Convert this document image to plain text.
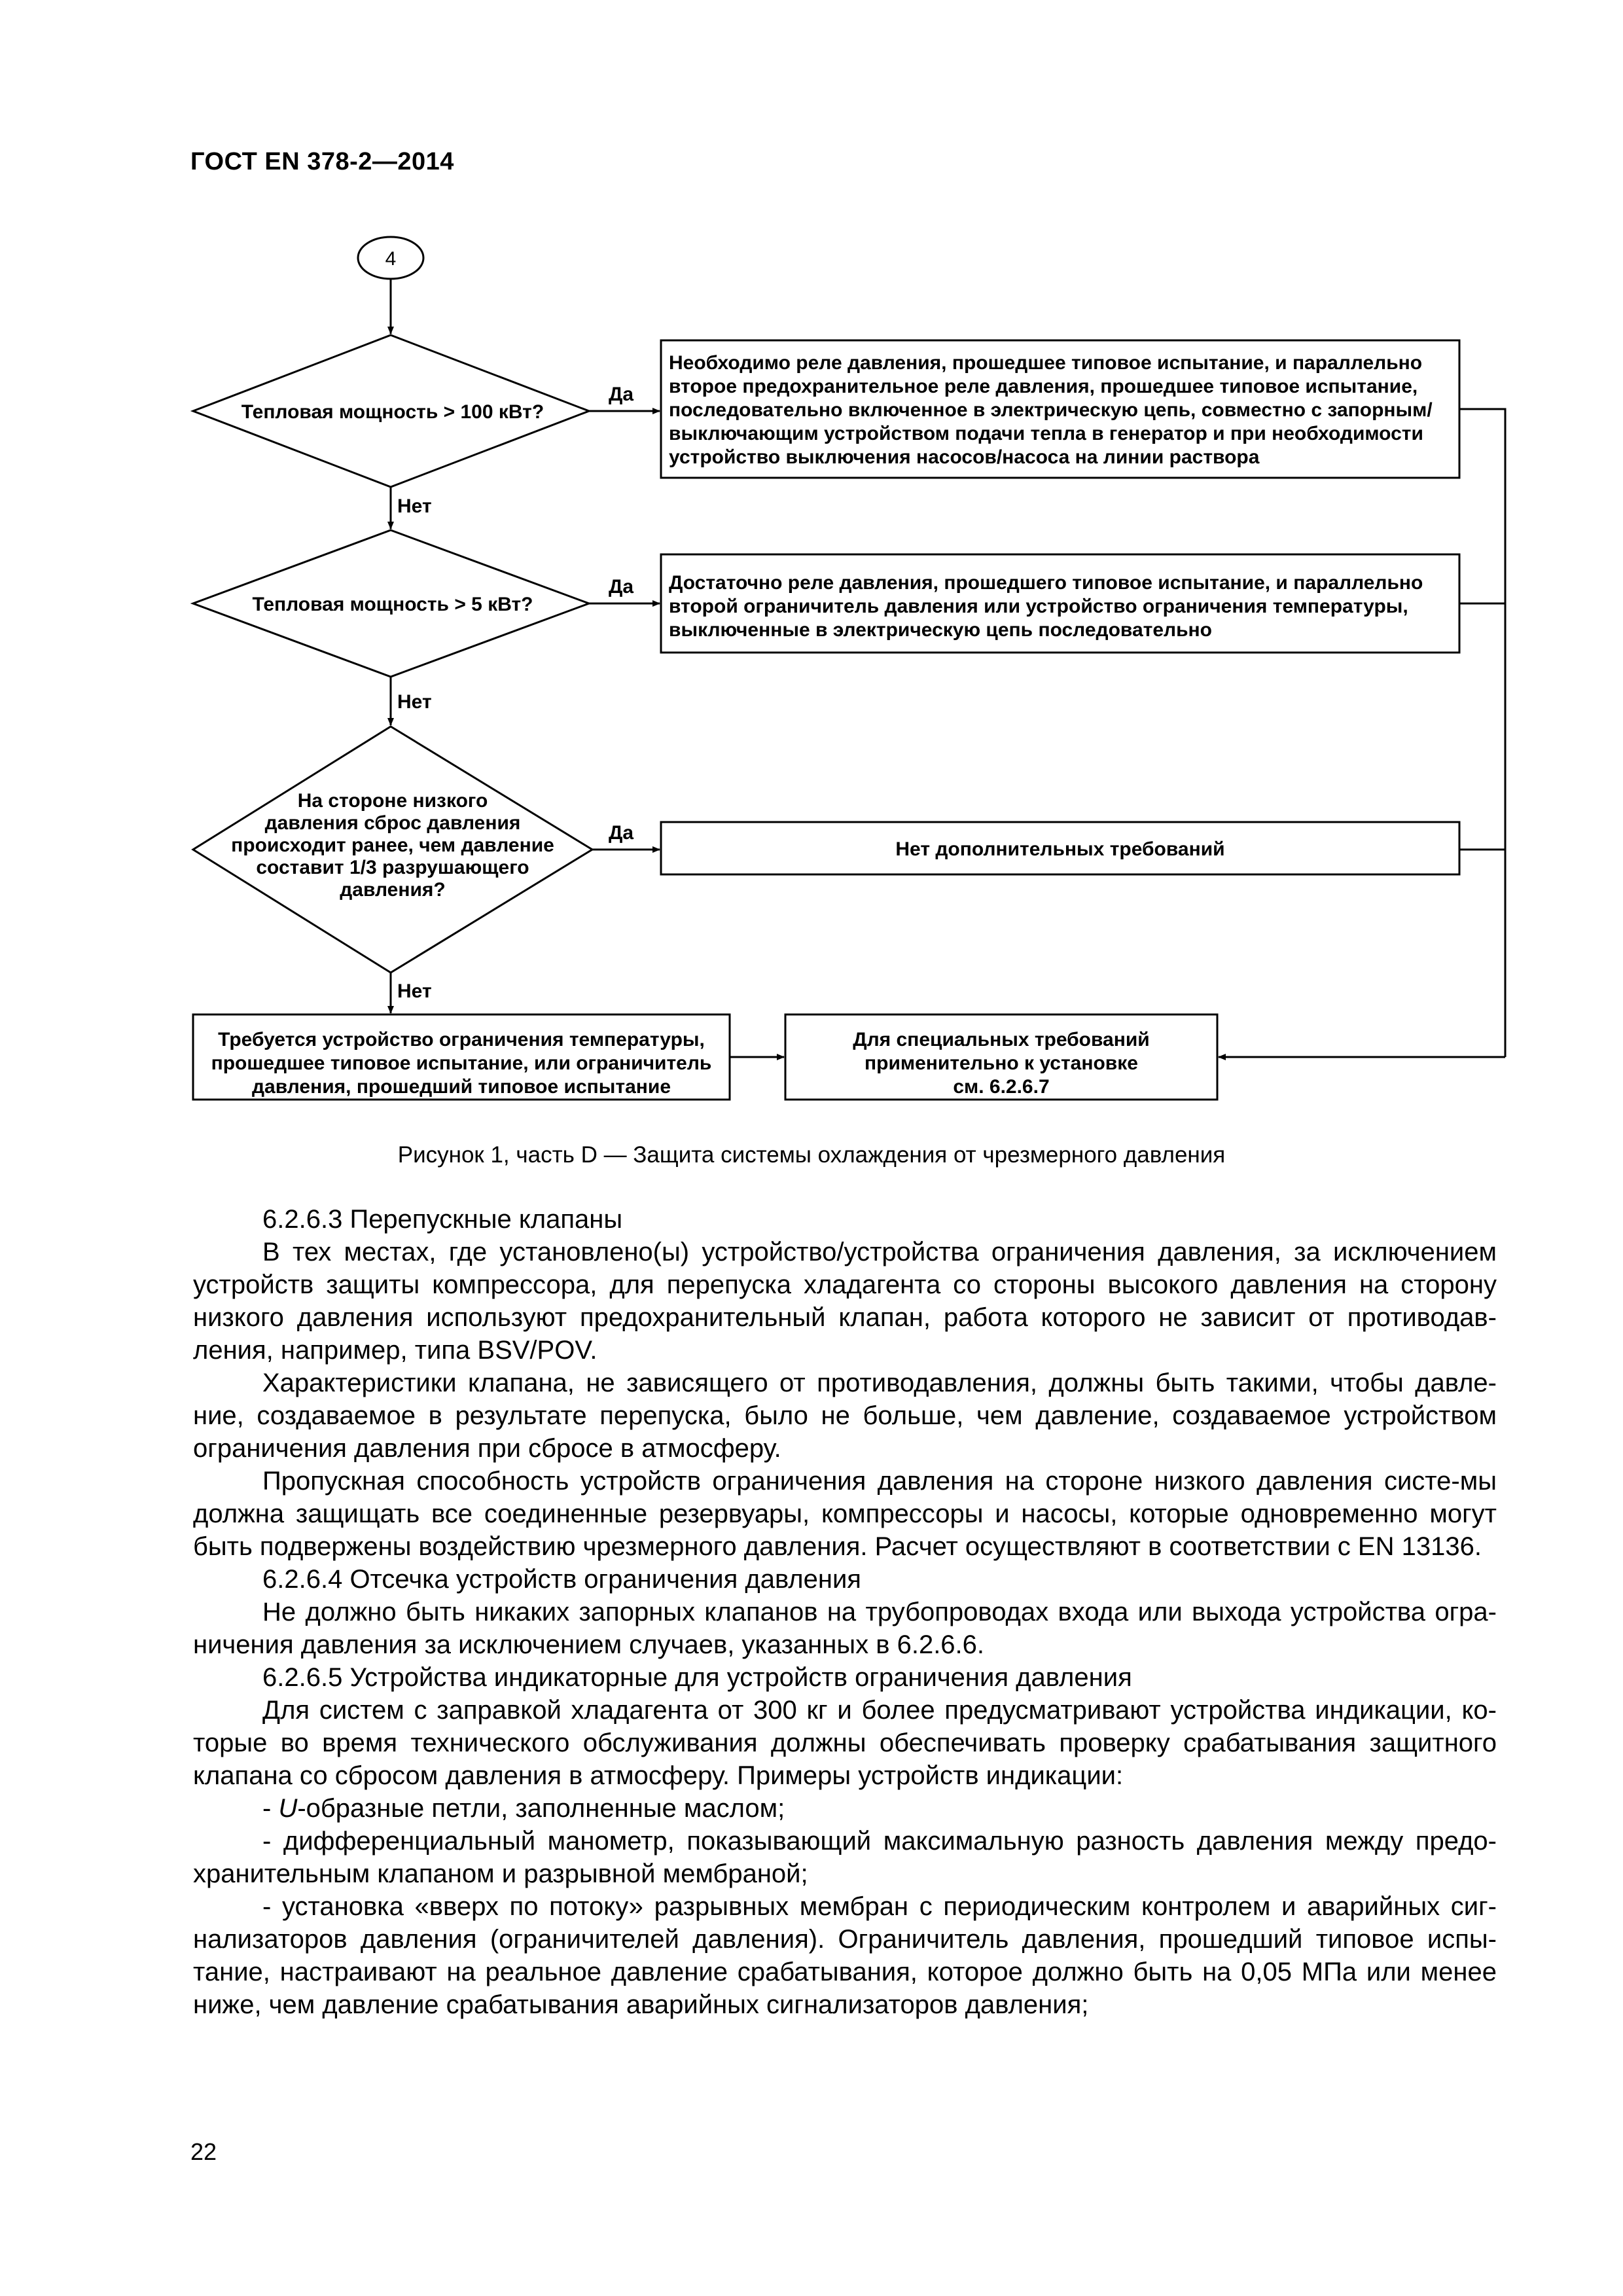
ГОСТ EN 378-2—2014
4
Тепловая мощность > 100 кВт?
Тепловая мощность > 5 кВт?
На стороне низкого
давления сброс давления
происходит ранее, чем давление
составит 1/3 разрушающего
давления?
Да
Да
Да
Нет
Нет
Нет
Необходимо реле давления, прошедшее типовое испытание, и параллельно
второе предохранительное реле давления, прошедшее типовое испытание,
последовательно включенное в электрическую цепь, совместно с запорным/
выключающим устройством подачи тепла в генератор и при необходимости
устройство выключения насосов/насоса на линии раствора
Достаточно реле давления, прошедшего типовое испытание, и параллельно
второй ограничитель давления или устройство ограничения температуры,
выключенные в электрическую цепь последовательно
Нет дополнительных требований
Требуется устройство ограничения температуры,
прошедшее типовое испытание, или ограничитель
давления, прошедший типовое испытание
Для специальных требований
применительно к установке
см. 6.2.6.7
Рисунок 1, часть D — Защита системы охлаждения от чрезмерного давления

6.2.6.3 Перепускные клапаны

В тех местах, где установлено(ы) устройство/устройства ограничения давления, за исключением устройств защиты компрессора, для перепуска хладагента со стороны высокого давления на сторону низкого давления используют предохранительный клапан, работа которого не зависит от противодав-ления, например, типа BSV/POV.

Характеристики клапана, не зависящего от противодавления, должны быть такими, чтобы давле-ние, создаваемое в результате перепуска, было не больше, чем давление, создаваемое устройством ограничения давления при сбросе в атмосферу.

Пропускная способность устройств ограничения давления на стороне низкого давления систе-мы должна защищать все соединенные резервуары, компрессоры и насосы, которые одновременно могут быть подвержены воздействию чрезмерного давления. Расчет осуществляют в соответствии с EN 13136.

6.2.6.4 Отсечка устройств ограничения давления

Не должно быть никаких запорных клапанов на трубопроводах входа или выхода устройства огра-ничения давления за исключением случаев, указанных в 6.2.6.6.

6.2.6.5 Устройства индикаторные для устройств ограничения давления

Для систем с заправкой хладагента от 300 кг и более предусматривают устройства индикации, ко-торые во время технического обслуживания должны обеспечивать проверку срабатывания защитного клапана со сбросом давления в атмосферу. Примеры устройств индикации:

- U-образные петли, заполненные маслом;

- дифференциальный манометр, показывающий максимальную разность давления между предо-хранительным клапаном и разрывной мембраной;

- установка «вверх по потоку» разрывных мембран с периодическим контролем и аварийных сиг-нализаторов давления (ограничителей давления). Ограничитель давления, прошедший типовое испы-тание, настраивают на реальное давление срабатывания, которое должно быть на 0,05 МПа или менее ниже, чем давление срабатывания аварийных сигнализаторов давления;

22
